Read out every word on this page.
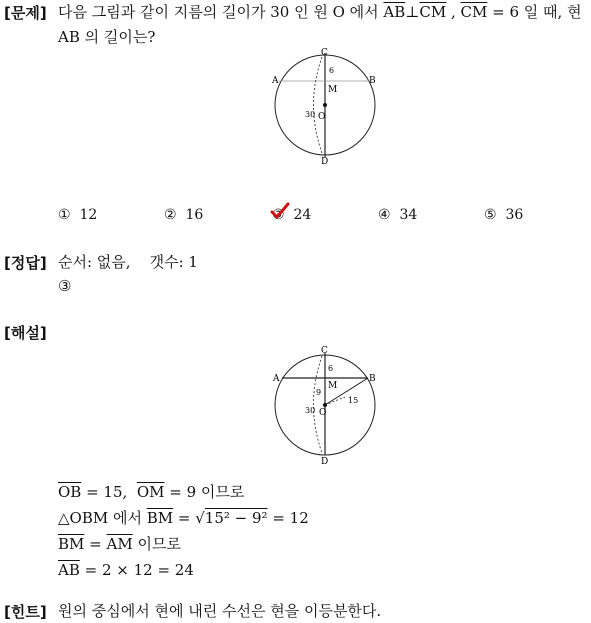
[문제] 다음 그림과 같이 지름의 길이가 30 인 원 O 에서 $\overline{AB}\perp\overline{CM}$ , $\overline{CM} = 6$ 일 때, 현
AB 의 길이는?
C
A	B
M
O
6
30
D
① 12	② 16	③ 24	④ 34	⑤ 36
[정답] 순서: 없음,    갯수: 1
③
[해설]
C
A	B
M
O
6
9
15
30
D
$\overline{OB} = 15$,  $\overline{OM} = 9$ 이므로
△OBM 에서 $\overline{BM} = √15^2 - 9^2 = 12$
$\overline{BM} = \overline{AM}$ 이므로
$\overline{AB} = 2 \times 12 = 24$
[힌트] 원의 중심에서 현에 내린 수선은 현을 이등분한다.
